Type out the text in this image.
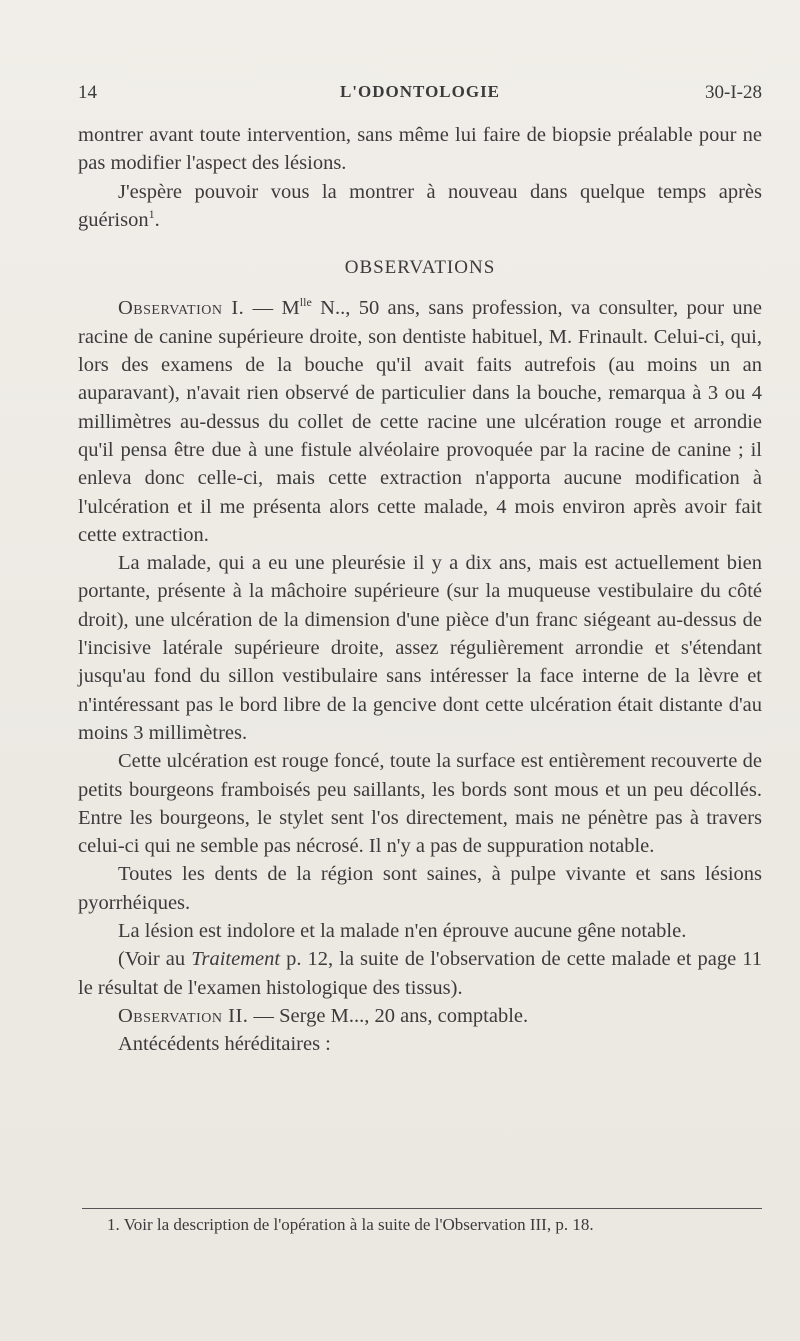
14	L'ODONTOLOGIE	30-I-28

montrer avant toute intervention, sans même lui faire de biopsie préalable pour ne pas modifier l'aspect des lésions.

J'espère pouvoir vous la montrer à nouveau dans quelque temps après guérison$^1$.

OBSERVATIONS

Observation I. — $M^{lle}$ N.., 50 ans, sans profession, va consulter, pour une racine de canine supérieure droite, son dentiste habituel, M. Frinault. Celui-ci, qui, lors des examens de la bouche qu'il avait faits autrefois (au moins un an auparavant), n'avait rien observé de particulier dans la bouche, remarqua à 3 ou 4 millimètres au-dessus du collet de cette racine une ulcération rouge et arrondie qu'il pensa être due à une fistule alvéolaire provoquée par la racine de canine ; il enleva donc celle-ci, mais cette extraction n'apporta aucune modification à l'ulcération et il me présenta alors cette malade, 4 mois environ après avoir fait cette extraction.

La malade, qui a eu une pleurésie il y a dix ans, mais est actuellement bien portante, présente à la mâchoire supérieure (sur la muqueuse vestibulaire du côté droit), une ulcération de la dimension d'une pièce d'un franc siégeant au-dessus de l'incisive latérale supérieure droite, assez régulièrement arrondie et s'étendant jusqu'au fond du sillon vestibulaire sans intéresser la face interne de la lèvre et n'intéressant pas le bord libre de la gencive dont cette ulcération était distante d'au moins 3 millimètres.

Cette ulcération est rouge foncé, toute la surface est entièrement recouverte de petits bourgeons framboisés peu saillants, les bords sont mous et un peu décollés. Entre les bourgeons, le stylet sent l'os directement, mais ne pénètre pas à travers celui-ci qui ne semble pas nécrosé. Il n'y a pas de suppuration notable.

Toutes les dents de la région sont saines, à pulpe vivante et sans lésions pyorrhéiques.

La lésion est indolore et la malade n'en éprouve aucune gêne notable.

(Voir au Traitement p. 12, la suite de l'observation de cette malade et page 11 le résultat de l'examen histologique des tissus).

Observation II. — Serge M..., 20 ans, comptable.

Antécédents héréditaires :

1. Voir la description de l'opération à la suite de l'Observation III, p. 18.
